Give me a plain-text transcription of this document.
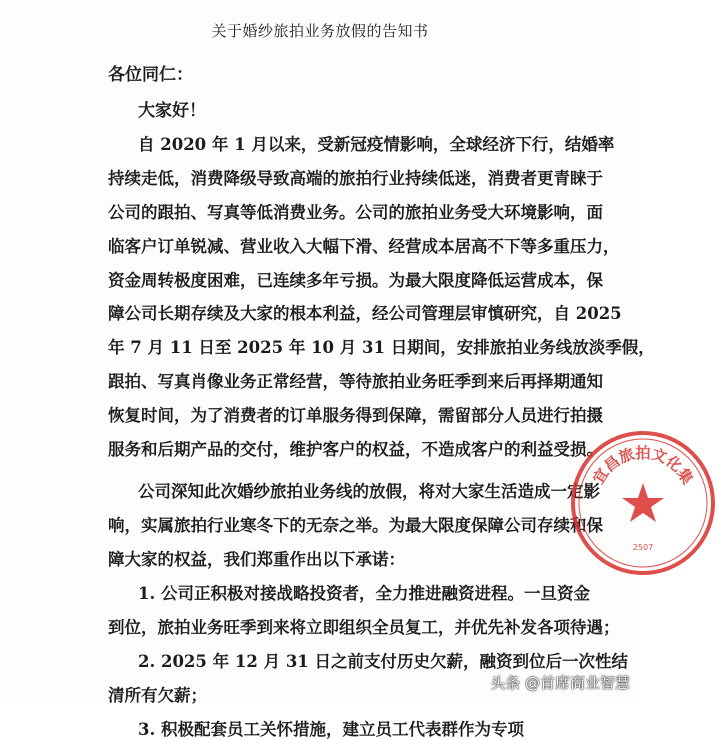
关于婚纱旅拍业务放假的告知书
各位同仁：
大家好！
自 2020 年 1 月以来，受新冠疫情影响，全球经济下行，结婚率
持续走低，消费降级导致高端的旅拍行业持续低迷，消费者更青睐于
公司的跟拍、写真等低消费业务。公司的旅拍业务受大环境影响，面
临客户订单锐减、营业收入大幅下滑、经营成本居高不下等多重压力，
资金周转极度困难，已连续多年亏损。为最大限度降低运营成本，保
障公司长期存续及大家的根本利益，经公司管理层审慎研究，自 2025
年 7 月 11 日至 2025 年 10 月 31 日期间，安排旅拍业务线放淡季假，
跟拍、写真肖像业务正常经营，等待旅拍业务旺季到来后再择期通知
恢复时间，为了消费者的订单服务得到保障，需留部分人员进行拍摄
服务和后期产品的交付，维护客户的权益，不造成客户的利益受损。
公司深知此次婚纱旅拍业务线的放假，将对大家生活造成一定影
响，实属旅拍行业寒冬下的无奈之举。为最大限度保障公司存续和保
障大家的权益，我们郑重作出以下承诺：
1. 公司正积极对接战略投资者，全力推进融资进程。一旦资金
到位，旅拍业务旺季到来将立即组织全员复工，并优先补发各项待遇；
2. 2025 年 12 月 31 日之前支付历史欠薪，融资到位后一次性结
清所有欠薪；
3. 积极配套员工关怀措施，建立员工代表群作为专项
宜昌旅拍文化集
2507
头条 @首席商业智慧
